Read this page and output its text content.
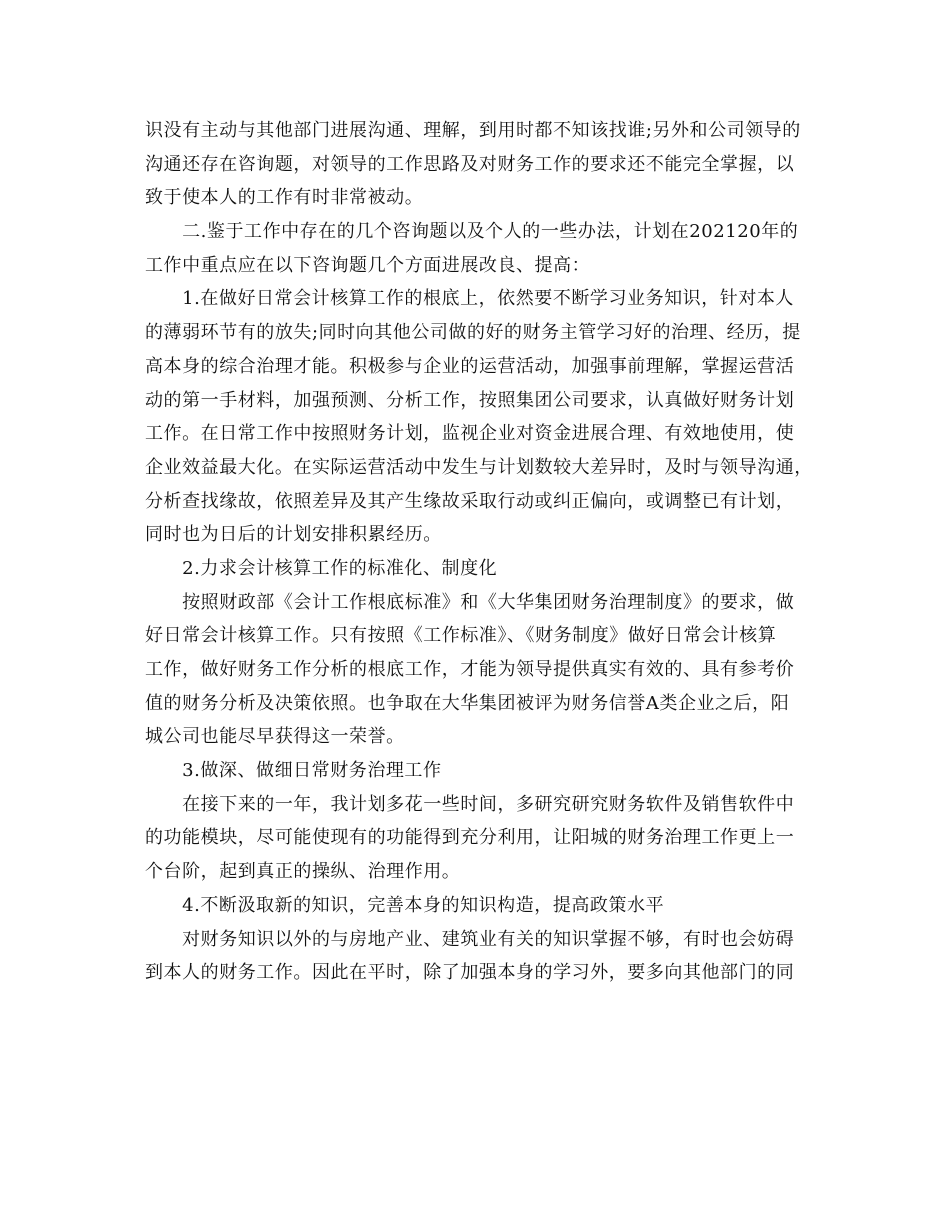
识没有主动与其他部门进展沟通、理解，到用时都不知该找谁;另外和公司领导的
沟通还存在咨询题，对领导的工作思路及对财务工作的要求还不能完全掌握，以
致于使本人的工作有时非常被动。
　　二.鉴于工作中存在的几个咨询题以及个人的一些办法，计划在202120年的
工作中重点应在以下咨询题几个方面进展改良、提高：
　　1.在做好日常会计核算工作的根底上，依然要不断学习业务知识，针对本人
的薄弱环节有的放失;同时向其他公司做的好的财务主管学习好的治理、经历，提
高本身的综合治理才能。积极参与企业的运营活动，加强事前理解，掌握运营活
动的第一手材料，加强预测、分析工作，按照集团公司要求，认真做好财务计划
工作。在日常工作中按照财务计划，监视企业对资金进展合理、有效地使用，使
企业效益最大化。在实际运营活动中发生与计划数较大差异时，及时与领导沟通，
分析查找缘故，依照差异及其产生缘故采取行动或纠正偏向，或调整已有计划，
同时也为日后的计划安排积累经历。
　　2.力求会计核算工作的标准化、制度化
　　按照财政部《会计工作根底标准》和《大华集团财务治理制度》的要求，做
好日常会计核算工作。只有按照《工作标准》、《财务制度》做好日常会计核算
工作，做好财务工作分析的根底工作，才能为领导提供真实有效的、具有参考价
值的财务分析及决策依照。也争取在大华集团被评为财务信誉A类企业之后，阳
城公司也能尽早获得这一荣誉。
　　3.做深、做细日常财务治理工作
　　在接下来的一年，我计划多花一些时间，多研究研究财务软件及销售软件中
的功能模块，尽可能使现有的功能得到充分利用，让阳城的财务治理工作更上一
个台阶，起到真正的操纵、治理作用。
　　4.不断汲取新的知识，完善本身的知识构造，提高政策水平
　　对财务知识以外的与房地产业、建筑业有关的知识掌握不够，有时也会妨碍
到本人的财务工作。因此在平时，除了加强本身的学习外，要多向其他部门的同
